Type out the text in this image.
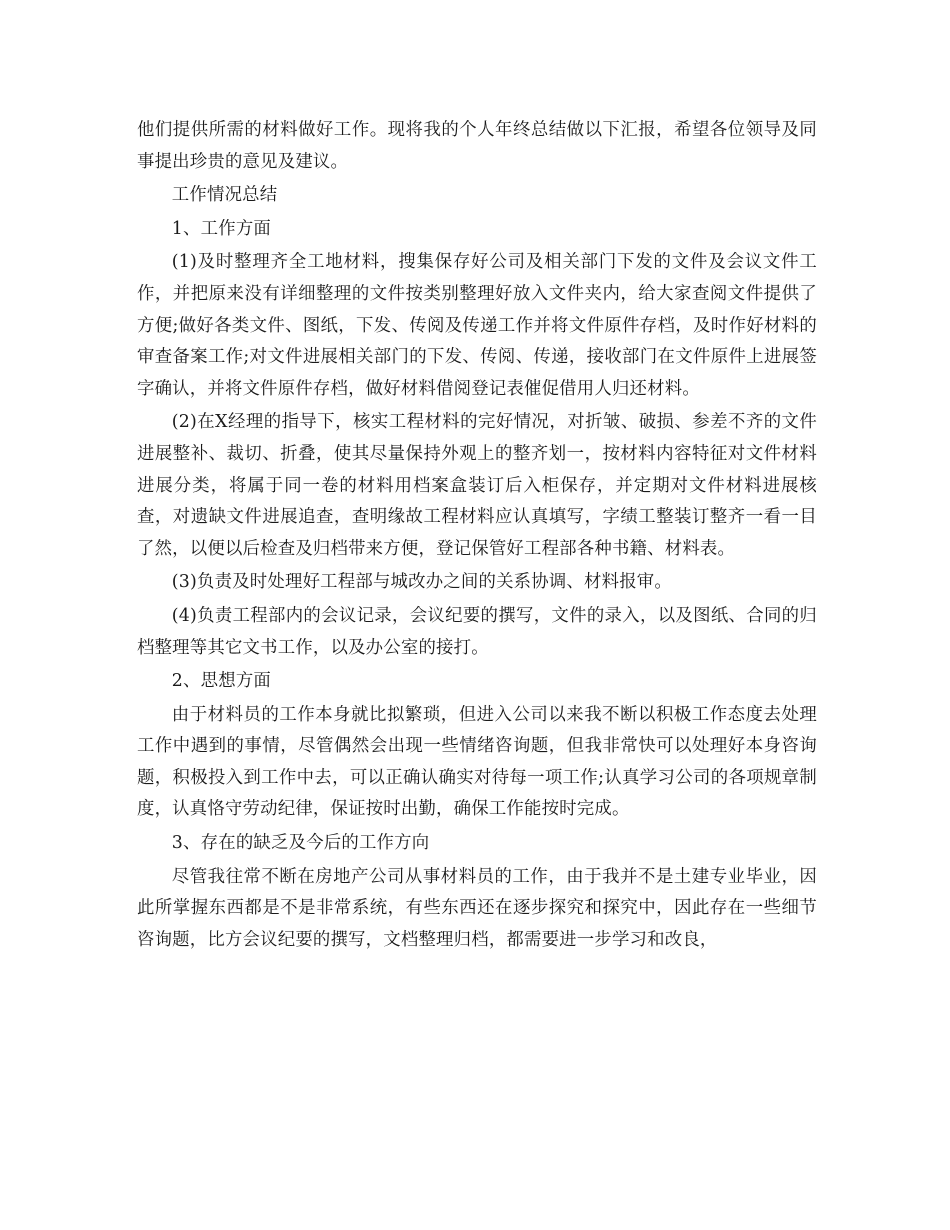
他们提供所需的材料做好工作。现将我的个人年终总结做以下汇报，希望各位领导及同事提出珍贵的意见及建议。

工作情况总结

1、工作方面

(1)及时整理齐全工地材料，搜集保存好公司及相关部门下发的文件及会议文件工作，并把原来没有详细整理的文件按类别整理好放入文件夹内，给大家查阅文件提供了方便;做好各类文件、图纸，下发、传阅及传递工作并将文件原件存档，及时作好材料的审查备案工作;对文件进展相关部门的下发、传阅、传递，接收部门在文件原件上进展签字确认，并将文件原件存档，做好材料借阅登记表催促借用人归还材料。

(2)在X经理的指导下，核实工程材料的完好情况，对折皱、破损、参差不齐的文件进展整补、裁切、折叠，使其尽量保持外观上的整齐划一，按材料内容特征对文件材料进展分类，将属于同一卷的材料用档案盒装订后入柜保存，并定期对文件材料进展核查，对遗缺文件进展追查，查明缘故工程材料应认真填写，字绩工整装订整齐一看一目了然，以便以后检查及归档带来方便，登记保管好工程部各种书籍、材料表。

(3)负责及时处理好工程部与城改办之间的关系协调、材料报审。

(4)负责工程部内的会议记录，会议纪要的撰写，文件的录入，以及图纸、合同的归档整理等其它文书工作，以及办公室的接打。

2、思想方面

由于材料员的工作本身就比拟繁琐，但进入公司以来我不断以积极工作态度去处理工作中遇到的事情，尽管偶然会出现一些情绪咨询题，但我非常快可以处理好本身咨询题，积极投入到工作中去，可以正确认确实对待每一项工作;认真学习公司的各项规章制度，认真恪守劳动纪律，保证按时出勤，确保工作能按时完成。

3、存在的缺乏及今后的工作方向

尽管我往常不断在房地产公司从事材料员的工作，由于我并不是土建专业毕业，因此所掌握东西都是不是非常系统，有些东西还在逐步探究和探究中，因此存在一些细节咨询题，比方会议纪要的撰写，文档整理归档，都需要进一步学习和改良，
